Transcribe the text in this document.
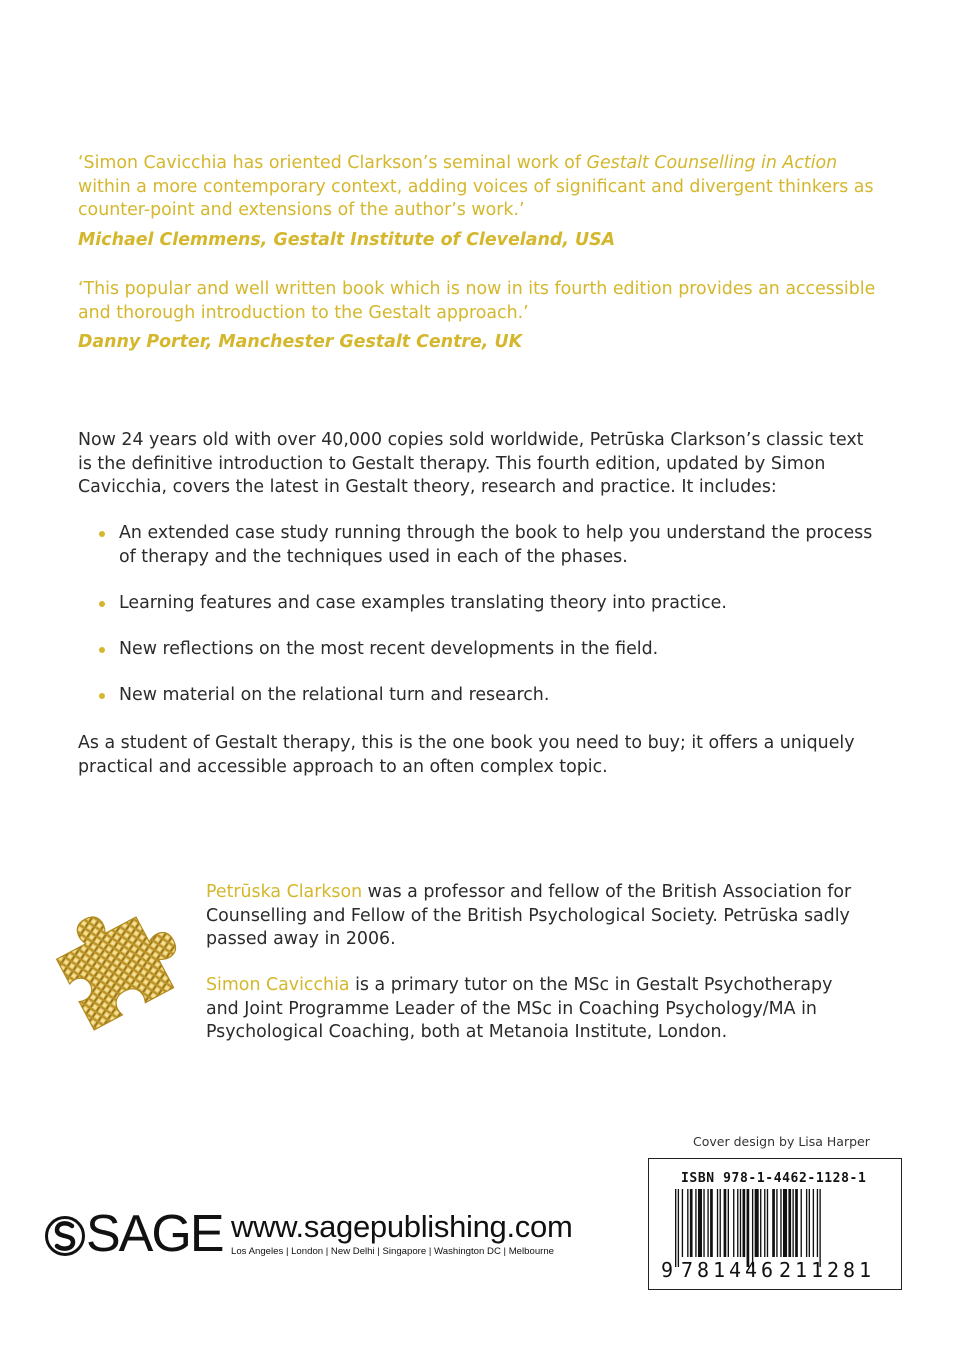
‘Simon Cavicchia has oriented Clarkson’s seminal work of Gestalt Counselling in Action within a more contemporary context, adding voices of significant and divergent thinkers as counter-point and extensions of the author’s work.’
Michael Clemmens, Gestalt Institute of Cleveland, USA
‘This popular and well written book which is now in its fourth edition provides an accessible and thorough introduction to the Gestalt approach.’
Danny Porter, Manchester Gestalt Centre, UK
Now 24 years old with over 40,000 copies sold worldwide, Petrūska Clarkson’s classic text is the definitive introduction to Gestalt therapy. This fourth edition, updated by Simon Cavicchia, covers the latest in Gestalt theory, research and practice. It includes:
An extended case study running through the book to help you understand the process of therapy and the techniques used in each of the phases.
Learning features and case examples translating theory into practice.
New reflections on the most recent developments in the field.
New material on the relational turn and research.
As a student of Gestalt therapy, this is the one book you need to buy; it offers a uniquely practical and accessible approach to an often complex topic.
Petrūska Clarkson was a professor and fellow of the British Association for Counselling and Fellow of the British Psychological Society. Petrūska sadly passed away in 2006.
Simon Cavicchia is a primary tutor on the MSc in Gestalt Psychotherapy and Joint Programme Leader of the MSc in Coaching Psychology/MA in Psychological Coaching, both at Metanoia Institute, London.
Cover design by Lisa Harper
ISBN 978-1-4462-1128-1
9 781446 211281
SAGE www.sagepublishing.com
Los Angeles | London | New Delhi | Singapore | Washington DC | Melbourne
